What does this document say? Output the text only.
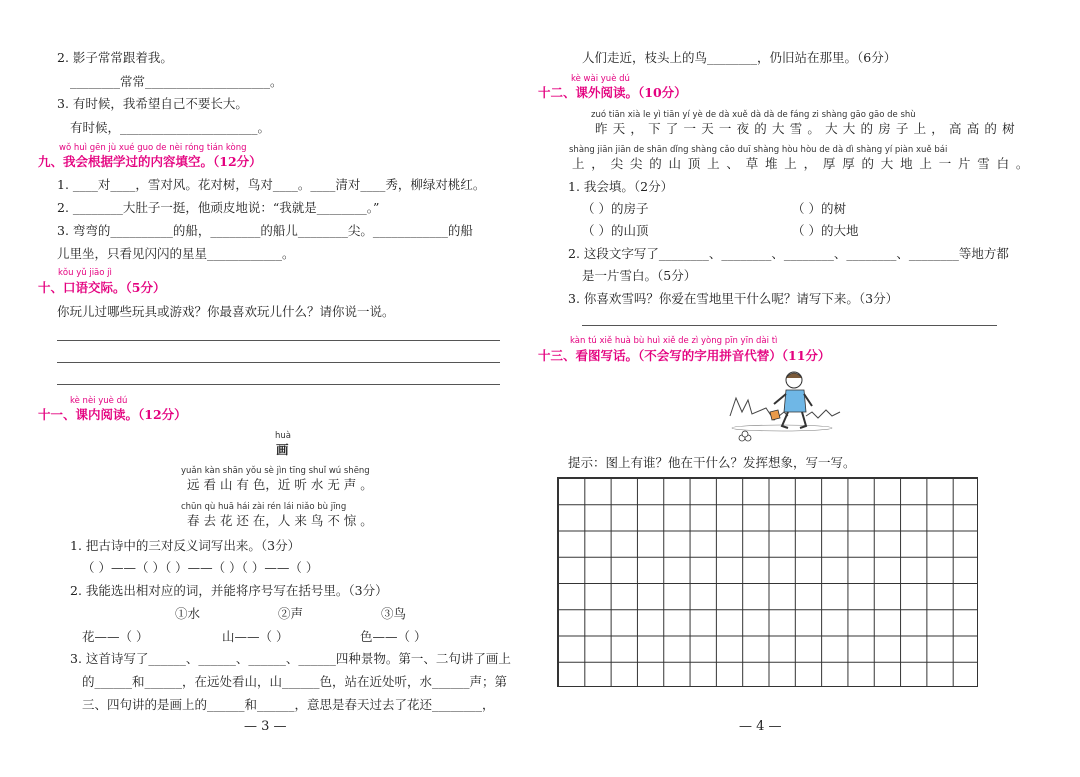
2. 影子常常跟着我。
________常常____________________。
3. 有时候，我希望自己不要长大。
有时候，______________________。
wǒ huì gēn jù xué guo de nèi róng tián kòng
九、我会根据学过的内容填空。（12分）
1. ____对____，雪对风。花对树，鸟对____。____清对____秀，柳绿对桃红。
2. ________大肚子一挺，他顽皮地说：“我就是________。”
3. 弯弯的__________的船，________的船儿________尖。____________的船
儿里坐，只看见闪闪的星星____________。
kǒu yǔ jiāo jì
十、口语交际。（5分）
你玩儿过哪些玩具或游戏？你最喜欢玩儿什么？请你说一说。
kè nèi yuè dú
十一、课内阅读。（12分）
huà
画
yuǎn kàn shān yǒu sè jìn tīng shuǐ wú shēng
远 看 山 有 色，近 听 水 无 声 。
chūn qù huā hái zài rén lái niǎo bù jīng
春 去 花 还 在，人 来 鸟 不 惊 。
1. 把古诗中的三对反义词写出来。（3分）
（ ）——（ ）（ ）——（ ）（ ）——（ ）
2. 我能选出相对应的词，并能将序号写在括号里。（3分）
①水	②声	③鸟
花——（ ）	山——（ ）	色——（ ）
3. 这首诗写了______、______、______、______四种景物。第一、二句讲了画上
的______和______，在远处看山，山______色，站在近处听，水______声；第
三、四句讲的是画上的______和______，意思是春天过去了花还________，
— 3 —
人们走近，枝头上的鸟________，仍旧站在那里。（6分）
kè wài yuè dú
十二、课外阅读。（10分）
zuó tiān xià le yì tiān yí yè de dà xuě dà dà de fáng zi shàng gāo gāo de shù
昨天，下了一天一夜的大雪。大大的房子上，高高的树
shàng jiān jiān de shān dǐng shàng cǎo duī shàng hòu hòu de dà dì shàng yí piàn xuě bái
上，尖尖的山顶上、草堆上，厚厚的大地上一片雪白。
1. 我会填。（2分）
（ ）的房子	（ ）的树
（ ）的山顶	（ ）的大地
2. 这段文字写了________、________、________、________、________等地方都
是一片雪白。（5分）
3. 你喜欢雪吗？你爱在雪地里干什么呢？请写下来。（3分）
kàn tú xiě huà bù huì xiě de zì yòng pīn yīn dài tì
十三、看图写话。（不会写的字用拼音代替）（11分）
提示：图上有谁？他在干什么？发挥想象，写一写。
— 4 —
